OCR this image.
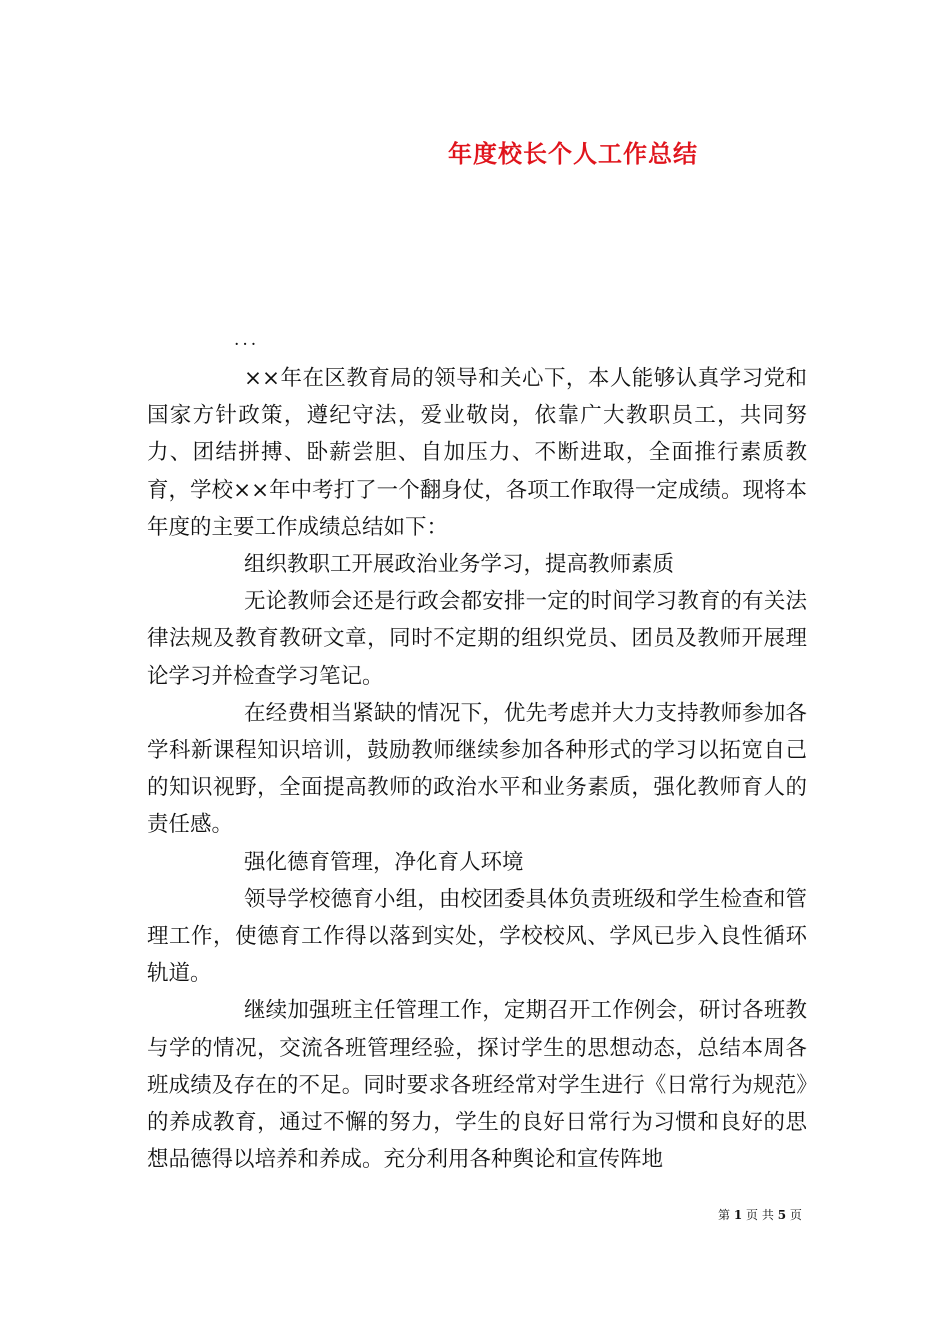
年度校长个人工作总结
...

××年在区教育局的领导和关心下，本人能够认真学习党和国家方针政策，遵纪守法，爱业敬岗，依靠广大教职员工，共同努力、团结拼搏、卧薪尝胆、自加压力、不断进取，全面推行素质教育，学校××年中考打了一个翻身仗，各项工作取得一定成绩。现将本年度的主要工作成绩总结如下：

组织教职工开展政治业务学习，提高教师素质

无论教师会还是行政会都安排一定的时间学习教育的有关法律法规及教育教研文章，同时不定期的组织党员、团员及教师开展理论学习并检查学习笔记。

在经费相当紧缺的情况下，优先考虑并大力支持教师参加各学科新课程知识培训，鼓励教师继续参加各种形式的学习以拓宽自己的知识视野，全面提高教师的政治水平和业务素质，强化教师育人的责任感。

强化德育管理，净化育人环境

领导学校德育小组，由校团委具体负责班级和学生检查和管理工作，使德育工作得以落到实处，学校校风、学风已步入良性循环轨道。

继续加强班主任管理工作，定期召开工作例会，研讨各班教与学的情况，交流各班管理经验，探讨学生的思想动态，总结本周各班成绩及存在的不足。同时要求各班经常对学生进行《日常行为规范》的养成教育，通过不懈的努力，学生的良好日常行为习惯和良好的思想品德得以培养和养成。充分利用各种舆论和宣传阵地

第 1 页 共 5 页
